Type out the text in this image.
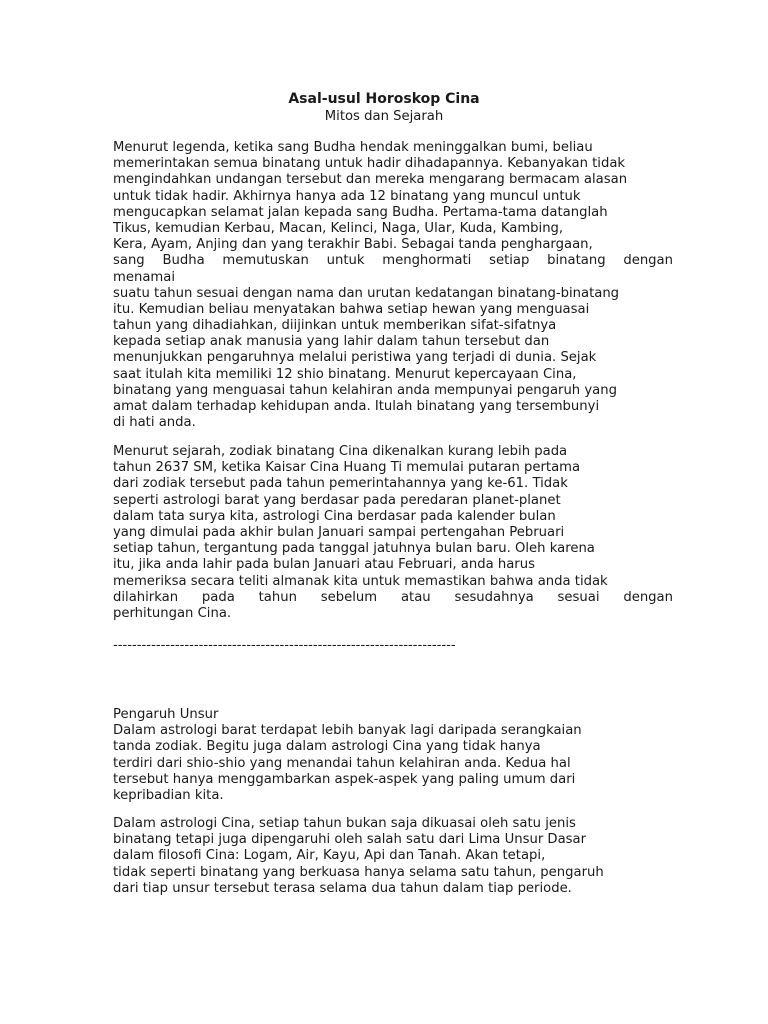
Asal-usul Horoskop Cina
Mitos dan Sejarah
Menurut legenda, ketika sang Budha hendak meninggalkan bumi, beliau
memerintakan semua binatang untuk hadir dihadapannya. Kebanyakan tidak
mengindahkan undangan tersebut dan mereka mengarang bermacam alasan
untuk tidak hadir. Akhirnya hanya ada 12 binatang yang muncul untuk
mengucapkan selamat jalan kepada sang Budha. Pertama-tama datanglah
Tikus, kemudian Kerbau, Macan, Kelinci, Naga, Ular, Kuda, Kambing,
Kera, Ayam, Anjing dan yang terakhir Babi. Sebagai tanda penghargaan,
sang Budha memutuskan untuk menghormati setiap binatang dengan
menamai
suatu tahun sesuai dengan nama dan urutan kedatangan binatang-binatang
itu. Kemudian beliau menyatakan bahwa setiap hewan yang menguasai
tahun yang dihadiahkan, diijinkan untuk memberikan sifat-sifatnya
kepada setiap anak manusia yang lahir dalam tahun tersebut dan
menunjukkan pengaruhnya melalui peristiwa yang terjadi di dunia. Sejak
saat itulah kita memiliki 12 shio binatang. Menurut kepercayaan Cina,
binatang yang menguasai tahun kelahiran anda mempunyai pengaruh yang
amat dalam terhadap kehidupan anda. Itulah binatang yang tersembunyi
di hati anda.
Menurut sejarah, zodiak binatang Cina dikenalkan kurang lebih pada
tahun 2637 SM, ketika Kaisar Cina Huang Ti memulai putaran pertama
dari zodiak tersebut pada tahun pemerintahannya yang ke-61. Tidak
seperti astrologi barat yang berdasar pada peredaran planet-planet
dalam tata surya kita, astrologi Cina berdasar pada kalender bulan
yang dimulai pada akhir bulan Januari sampai pertengahan Pebruari
setiap tahun, tergantung pada tanggal jatuhnya bulan baru. Oleh karena
itu, jika anda lahir pada bulan Januari atau Februari, anda harus
memeriksa secara teliti almanak kita untuk memastikan bahwa anda tidak
dilahirkan pada tahun sebelum atau sesudahnya sesuai dengan
perhitungan Cina.
------------------------------------------------------------------------
Pengaruh Unsur
Dalam astrologi barat terdapat lebih banyak lagi daripada serangkaian
tanda zodiak. Begitu juga dalam astrologi Cina yang tidak hanya
terdiri dari shio-shio yang menandai tahun kelahiran anda. Kedua hal
tersebut hanya menggambarkan aspek-aspek yang paling umum dari
kepribadian kita.
Dalam astrologi Cina, setiap tahun bukan saja dikuasai oleh satu jenis
binatang tetapi juga dipengaruhi oleh salah satu dari Lima Unsur Dasar
dalam filosofi Cina: Logam, Air, Kayu, Api dan Tanah. Akan tetapi,
tidak seperti binatang yang berkuasa hanya selama satu tahun, pengaruh
dari tiap unsur tersebut terasa selama dua tahun dalam tiap periode.
